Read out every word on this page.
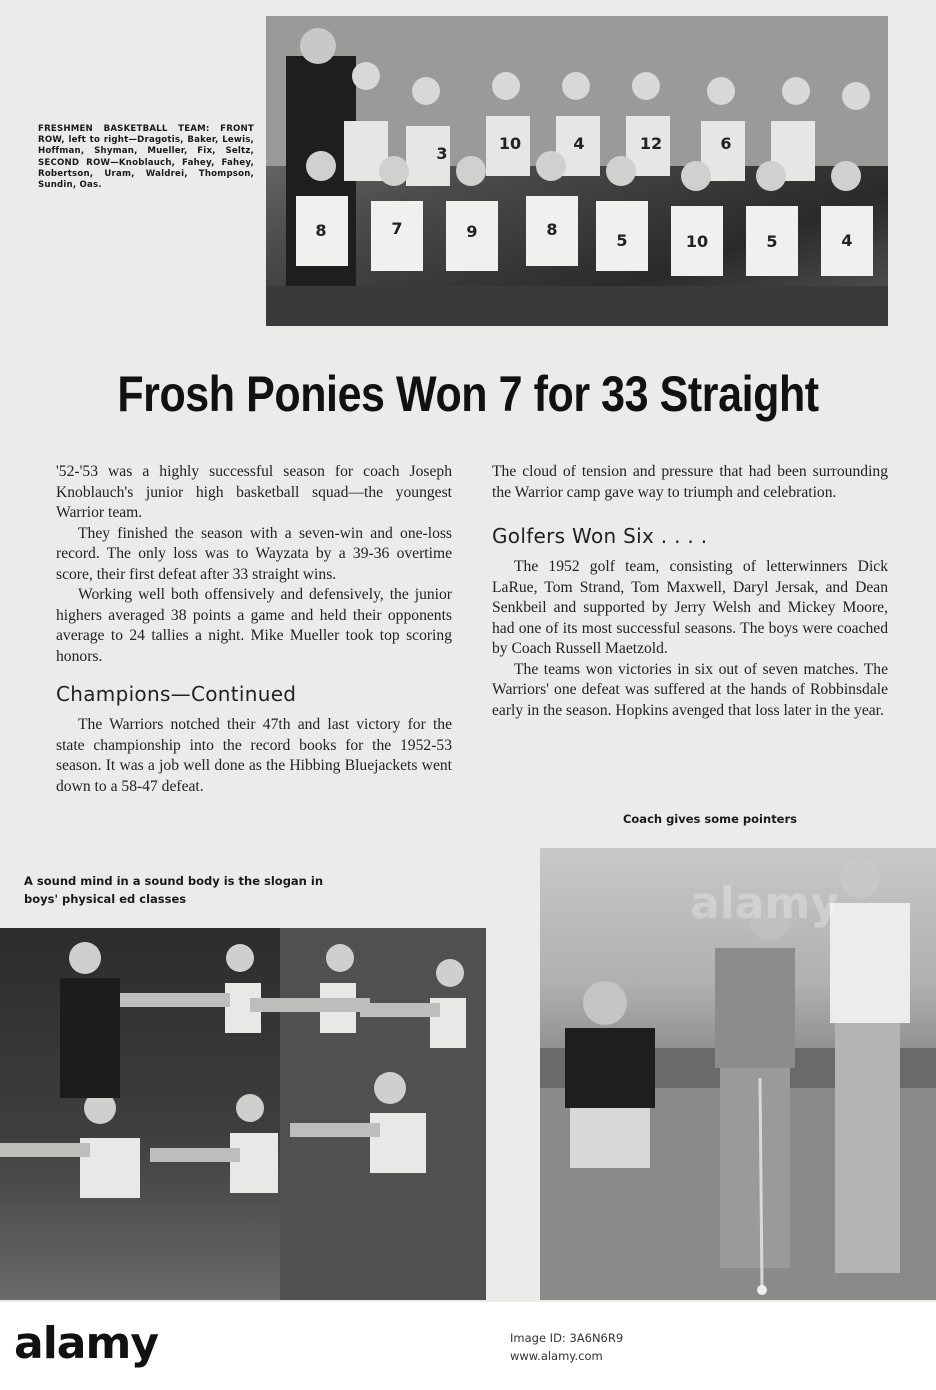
3
10	4	12	6
8	7	9	8
5	10	5	4
FRESHMEN BASKETBALL TEAM: FRONT ROW, left to right—Dragotis, Baker, Lewis, Hoffman, Shyman, Mueller, Fix, Seltz, SECOND ROW—Knoblauch, Fahey, Fahey, Robertson, Uram, Waldrei, Thompson, Sundin, Oas.
Frosh Ponies Won 7 for 33 Straight

'52-'53 was a highly successful season for coach Joseph Knoblauch's junior high basketball squad—the youngest Warrior team.

They finished the season with a seven-win and one-loss record. The only loss was to Wayzata by a 39-36 overtime score, their first defeat after 33 straight wins.

Working well both offensively and defensively, the junior highers averaged 38 points a game and held their opponents average to 24 tallies a night. Mike Mueller took top scoring honors.

Champions—Continued

The Warriors notched their 47th and last victory for the state championship into the record books for the 1952-53 season. It was a job well done as the Hibbing Bluejackets went down to a 58-47 defeat.

The cloud of tension and pressure that had been surrounding the Warrior camp gave way to triumph and celebration.

Golfers Won Six . . . .

The 1952 golf team, consisting of letterwinners Dick LaRue, Tom Strand, Tom Maxwell, Daryl Jersak, and Dean Senkbeil and supported by Jerry Welsh and Mickey Moore, had one of its most successful seasons. The boys were coached by Coach Russell Maetzold.

The teams won victories in six out of seven matches. The Warriors' one defeat was suffered at the hands of Robbinsdale early in the season. Hopkins avenged that loss later in the year.

Coach gives some pointers
A sound mind in a sound body is the slogan in boys' physical ed classes	alamy
alamy	Image ID: 3A6N6R9
www.alamy.com
